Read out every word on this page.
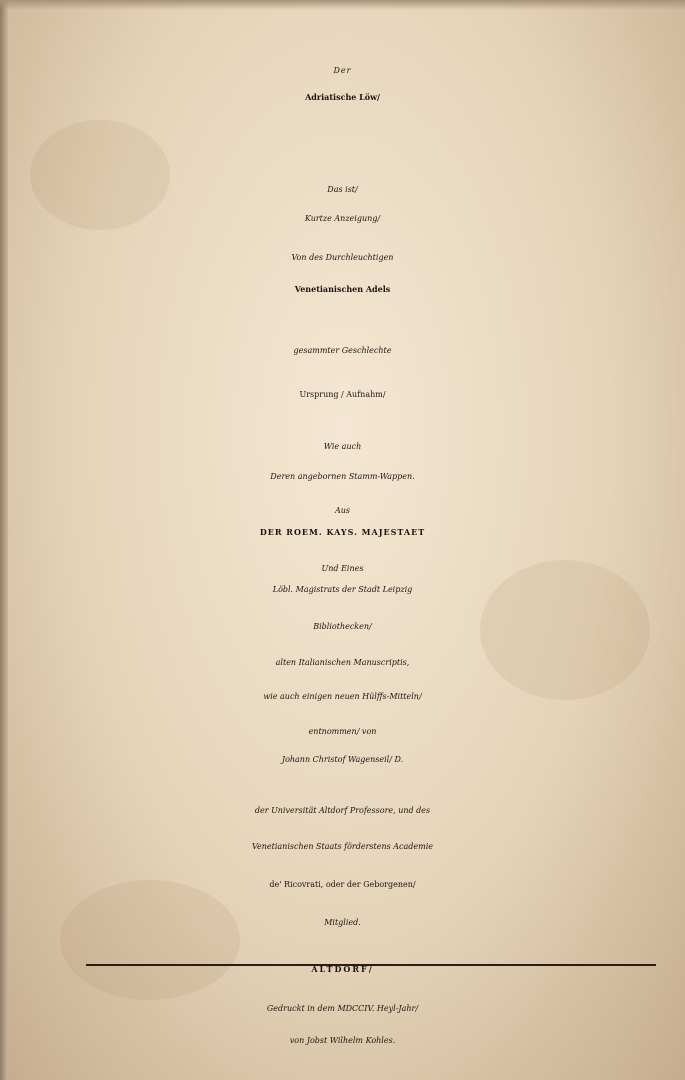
Der
Adriatische Löw/
Das ist/
Kurtze Anzeigung/
Von des Durchleuchtigen
Venetianischen Adels
gesammter Geschlechte
Ursprung / Aufnahm/
Wie auch
Deren angebornen Stamm-Wappen.
Aus
DER ROEM. KAYS. MAJESTAET
Und Eines
Löbl. Magistrats der Stadt Leipzig
Bibliothecken/
alten Italianischen Manuscriptis,
wie auch einigen neuen Hülffs-Mitteln/
entnommen/ von
Johann Christof Wagenseil/ D.
der Universität Altdorf Professore, und des
Venetianischen Staats förderstens Academie
de' Ricovrati, oder der Geborgenen/
Mitglied.
ALTDORF/
Gedruckt in dem MDCCIV. Heyl-Jahr/
von Jobst Wilhelm Kohles.
